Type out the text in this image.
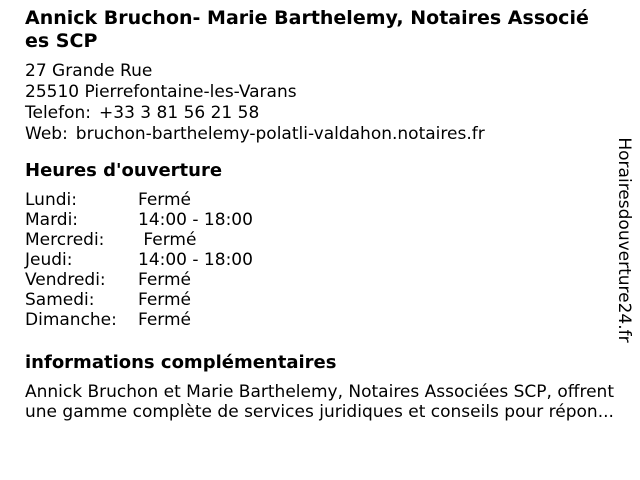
Annick Bruchon- Marie Barthelemy, Notaires Associé
es SCP
27 Grande Rue
25510 Pierrefontaine-les-Varans
Telefon: +33 3 81 56 21 58
Web: bruchon-barthelemy-polatli-valdahon.notaires.fr
Heures d'ouverture
Lundi:	Fermé
Mardi:	14:00 - 18:00
Mercredi:	Fermé
Jeudi:	14:00 - 18:00
Vendredi:	Fermé
Samedi:	Fermé
Dimanche:	Fermé
informations complémentaires
Annick Bruchon et Marie Barthelemy, Notaires Associées SCP, offrent
une gamme complète de services juridiques et conseils pour répon...
Horairesdouverture24.fr
